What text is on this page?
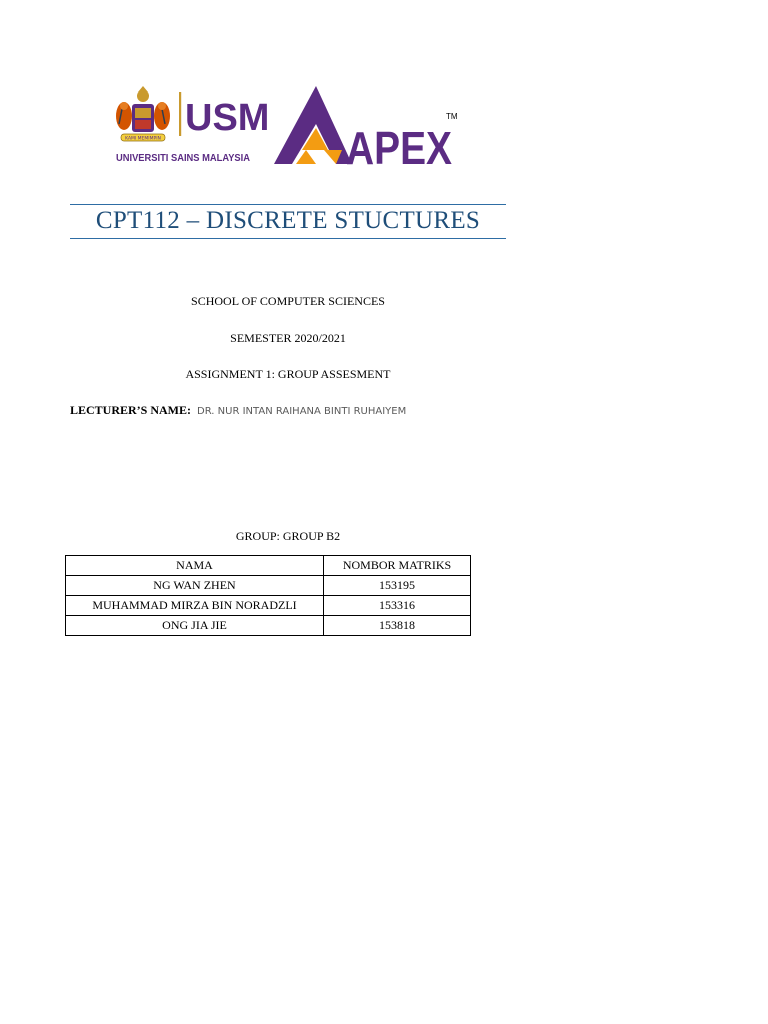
KAMI MEMIMPIN USM
UNIVERSITI SAINS MALAYSIA APEX
TM
CPT112 – DISCRETE STUCTURES
SCHOOL OF COMPUTER SCIENCES
SEMESTER 2020/2021
ASSIGNMENT 1: GROUP ASSESMENT
LECTURER’S NAME: DR. NUR INTAN RAIHANA BINTI RUHAIYEM
GROUP: GROUP B2
NAMA	NOMBOR MATRIKS
NG WAN ZHEN	153195
MUHAMMAD MIRZA BIN NORADZLI	153316
ONG JIA JIE	153818
